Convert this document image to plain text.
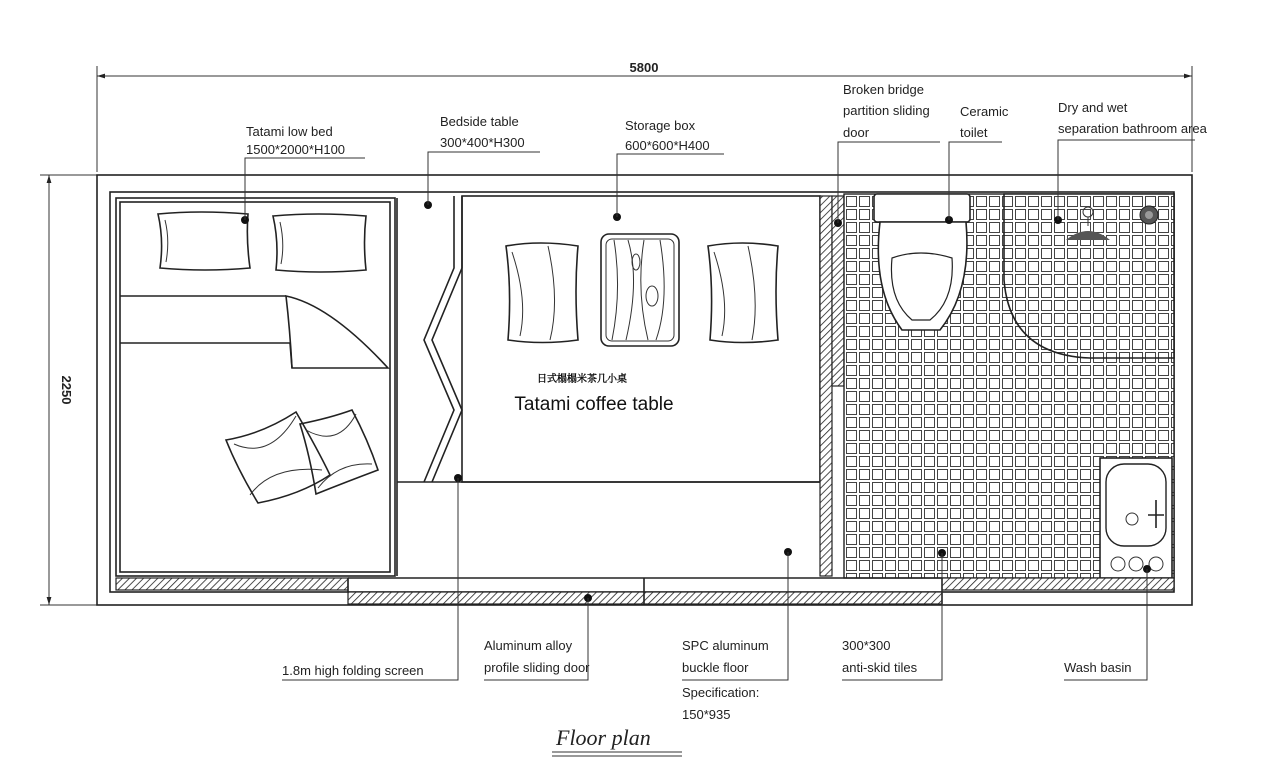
5800
2250	日式榻榻米茶几小桌
Tatami coffee table
Tatami low bed
1500*2000*H100
Bedside table
300*400*H300
Storage box
600*600*H400
Broken bridge
partition sliding
door
Ceramic
toilet
Dry and wet
separation bathroom area
1.8m high folding screen
Aluminum alloy
profile sliding door
SPC aluminum
buckle floor
Specification:
150*935
300*300
anti-skid tiles	Wash basin
Floor plan
